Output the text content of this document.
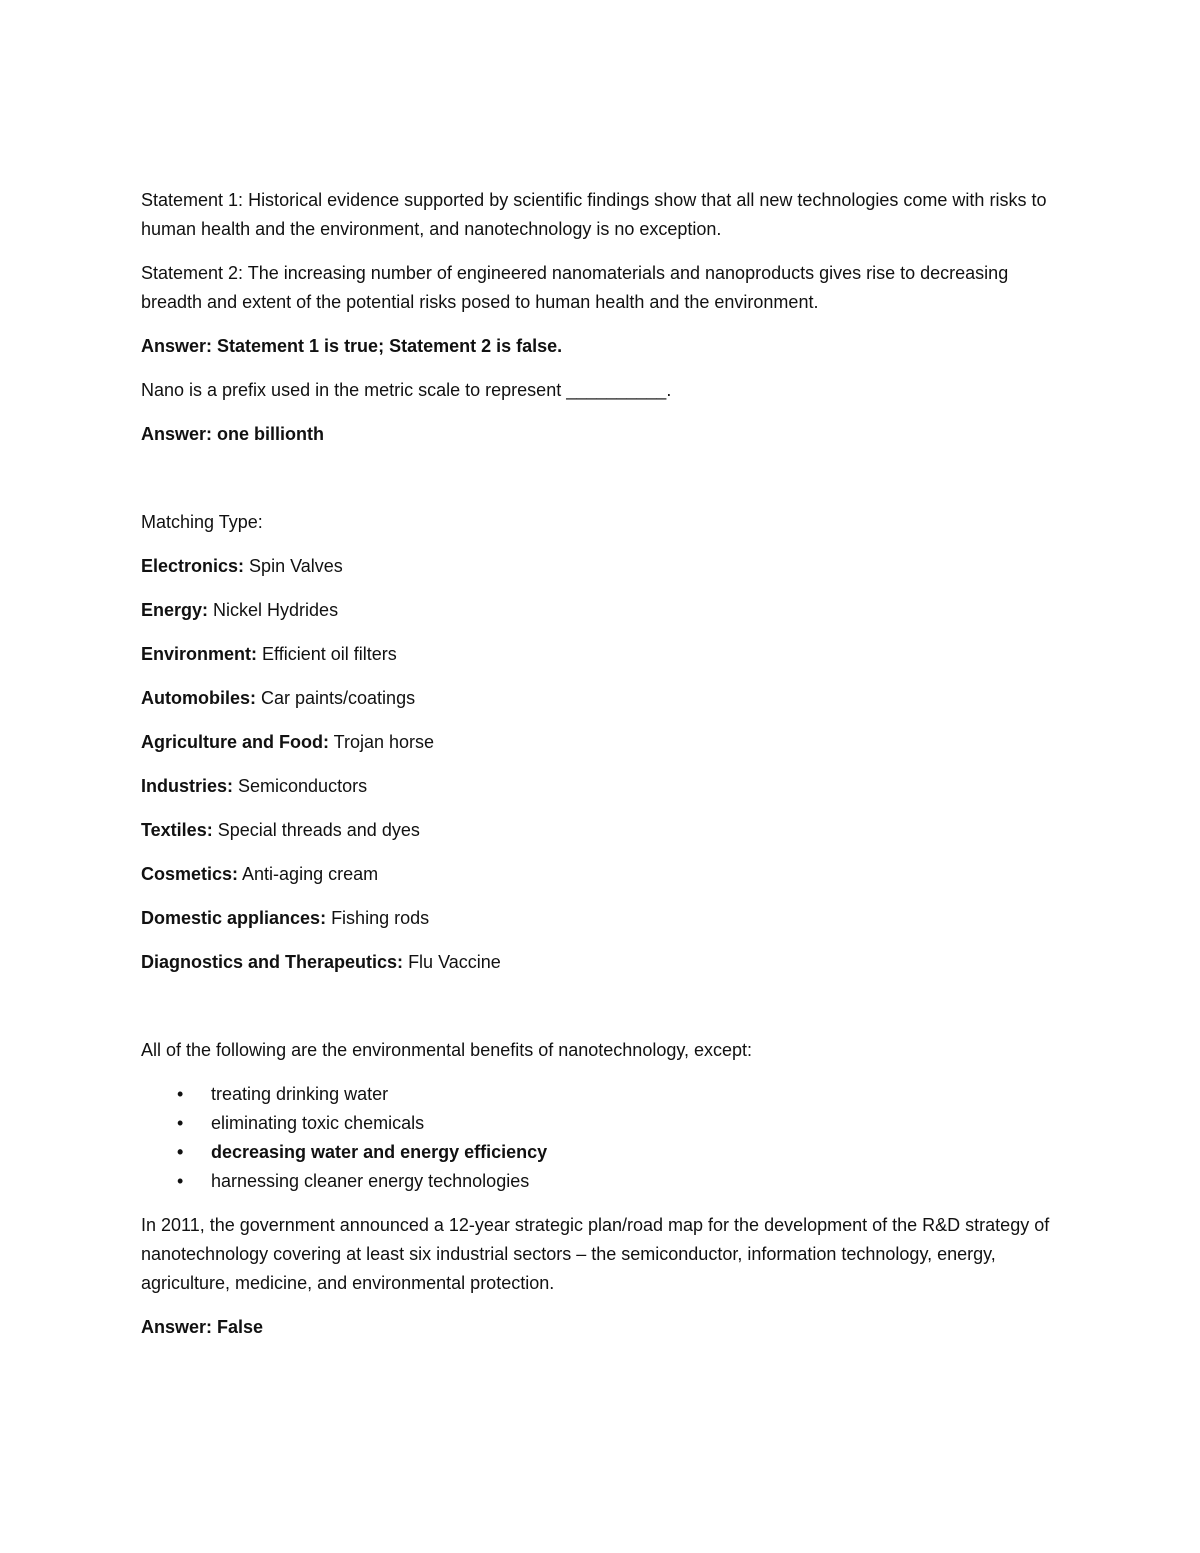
Statement 1: Historical evidence supported by scientific findings show that all new technologies come with risks to human health and the environment, and nanotechnology is no exception.

Statement 2: The increasing number of engineered nanomaterials and nanoproducts gives rise to decreasing breadth and extent of the potential risks posed to human health and the environment.

Answer: Statement 1 is true; Statement 2 is false.

Nano is a prefix used in the metric scale to represent __________.

Answer: one billionth

Matching Type:

Electronics: Spin Valves

Energy: Nickel Hydrides

Environment: Efficient oil filters

Automobiles: Car paints/coatings

Agriculture and Food: Trojan horse

Industries: Semiconductors

Textiles: Special threads and dyes

Cosmetics: Anti-aging cream

Domestic appliances: Fishing rods

Diagnostics and Therapeutics: Flu Vaccine

All of the following are the environmental benefits of nanotechnology, except:

• treating drinking water
• eliminating toxic chemicals
• decreasing water and energy efficiency
• harnessing cleaner energy technologies

In 2011, the government announced a 12-year strategic plan/road map for the development of the R&D strategy of nanotechnology covering at least six industrial sectors – the semiconductor, information technology, energy, agriculture, medicine, and environmental protection.

Answer: False
